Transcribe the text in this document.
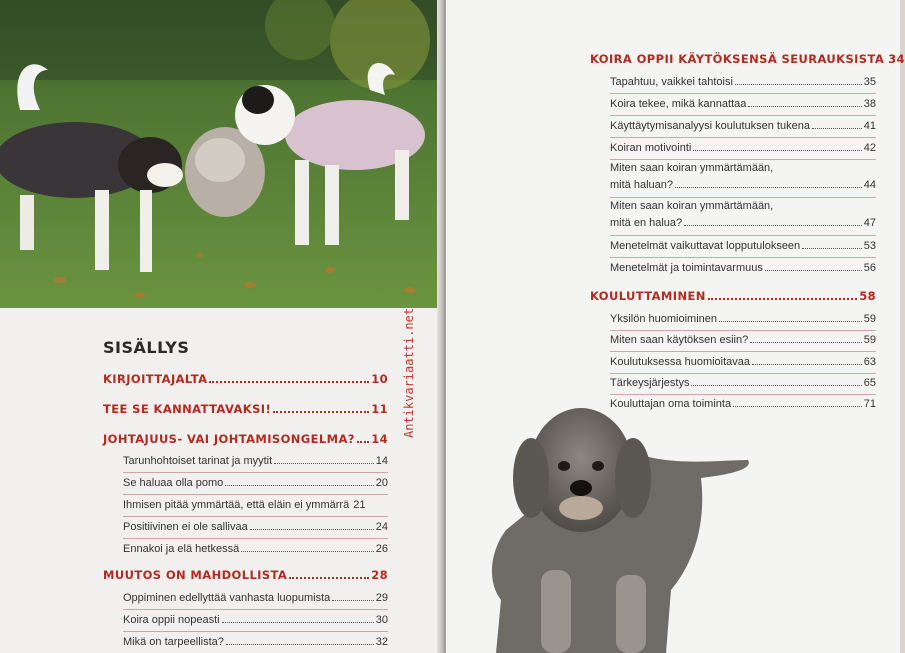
SISÄLLYS
KIRJOITTAJALTA	10
TEE SE KANNATTAVAKSI!	11
JOHTAJUUS- VAI JOHTAMISONGELMA? 14
Tarunhohtoiset tarinat ja myytit	14
Se haluaa olla pomo	20
Ihmisen pitää ymmärtää, että eläin ei ymmärrä 21
Positiivinen ei ole sallivaa	24
Ennakoi ja elä hetkessä	26
MUUTOS ON MAHDOLLISTA	28
Oppiminen edellyttää vanhasta luopumista	29
Koira oppii nopeasti	30
Mikä on tarpeellista?	32
Antikvariaatti.net
KOIRA OPPII KÄYTÖKSENSÄ SEURAUKSISTA 34
Tapahtuu, vaikkei tahtoisi	35
Koira tekee, mikä kannattaa	38
Käyttäytymisanalyysi koulutuksen tukena	41
Koiran motivointi	42
Miten saan koiran ymmärtämään,
mitä haluan?	44
Miten saan koiran ymmärtämään,
mitä en halua?	47
Menetelmät vaikuttavat lopputulokseen	53
Menetelmät ja toimintavarmuus	56
KOULUTTAMINEN	58
Yksilön huomioiminen	59
Miten saan käytöksen esiin?	59
Koulutuksessa huomioitavaa	63
Tärkeysjärjestys	65
Kouluttajan oma toiminta	71
